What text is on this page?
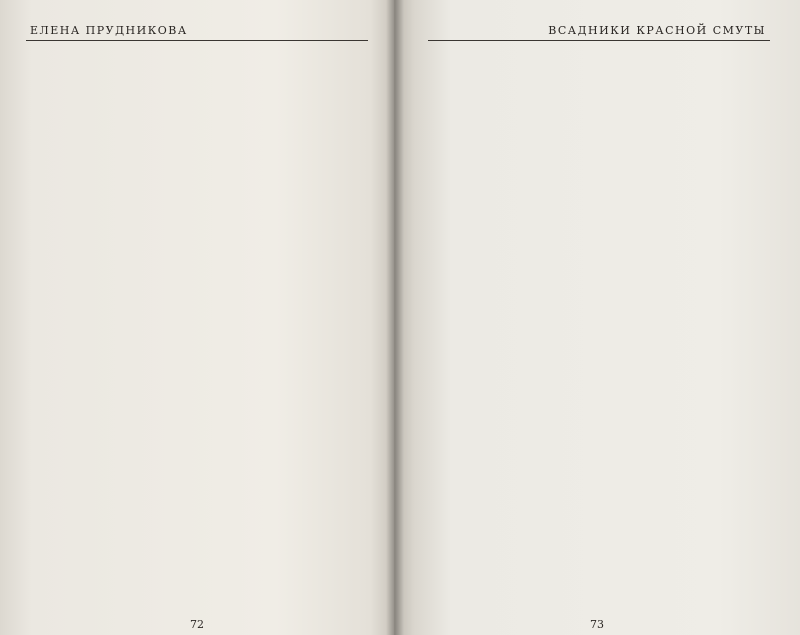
ЕЛЕНА ПРУДНИКОВА
72
ВСАДНИКИ КРАСНОЙ СМУТЫ
73
